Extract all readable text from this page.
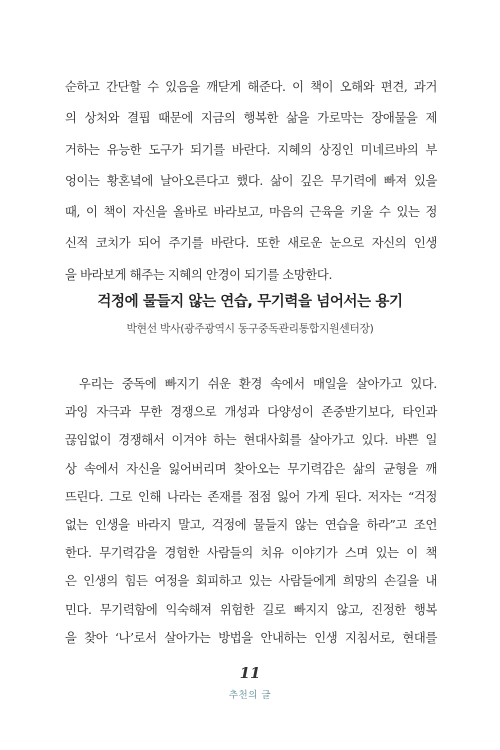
순하고 간단할 수 있음을 깨닫게 해준다. 이 책이 오해와 편견, 과거
의 상처와 결핍 때문에 지금의 행복한 삶을 가로막는 장애물을 제
거하는 유능한 도구가 되기를 바란다. 지혜의 상징인 미네르바의 부
엉이는 황혼녘에 날아오른다고 했다. 삶이 깊은 무기력에 빠져 있을
때, 이 책이 자신을 올바로 바라보고, 마음의 근육을 키울 수 있는 정
신적 코치가 되어 주기를 바란다. 또한 새로운 눈으로 자신의 인생
을 바라보게 해주는 지혜의 안경이 되기를 소망한다.
걱정에 물들지 않는 연습, 무기력을 넘어서는 용기

박현선 박사(광주광역시 동구중독관리통합지원센터장)

우리는 중독에 빠지기 쉬운 환경 속에서 매일을 살아가고 있다.
과잉 자극과 무한 경쟁으로 개성과 다양성이 존중받기보다, 타인과
끊임없이 경쟁해서 이겨야 하는 현대사회를 살아가고 있다. 바쁜 일
상 속에서 자신을 잃어버리며 찾아오는 무기력감은 삶의 균형을 깨
뜨린다. 그로 인해 나라는 존재를 점점 잃어 가게 된다. 저자는 “걱정
없는 인생을 바라지 말고, 걱정에 물들지 않는 연습을 하라”고 조언
한다. 무기력감을 경험한 사람들의 치유 이야기가 스며 있는 이 책
은 인생의 힘든 여정을 회피하고 있는 사람들에게 희망의 손길을 내
민다. 무기력함에 익숙해져 위험한 길로 빠지지 않고, 진정한 행복
을 찾아 ‘나’로서 살아가는 방법을 안내하는 인생 지침서로, 현대를
11
추천의 글
